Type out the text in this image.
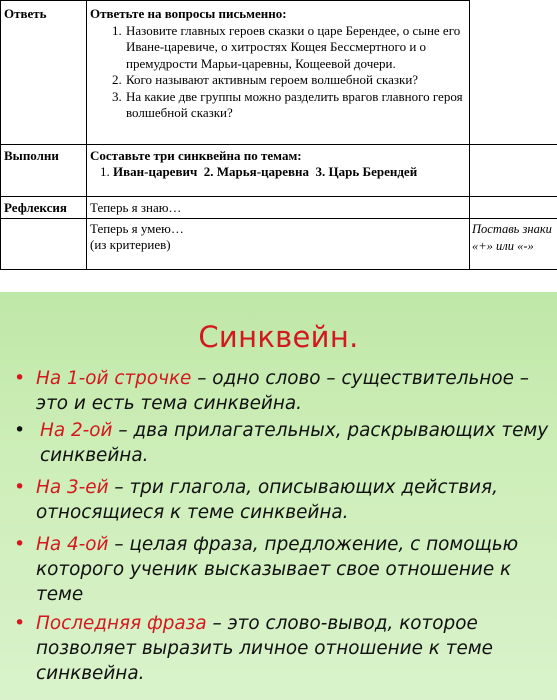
Ответь	Ответьте на вопросы письменно:
1. Назовите главных героев сказки о царе Берендее, о сыне его Иване-царевиче, о хитростях Кощея Бессмертного и о премудрости Марьи-царевны, Кощеевой дочери.
2. Кого называют активным героем волшебной сказки?
3. На какие две группы можно разделить врагов главного героя волшебной сказки?
Выполни Составьте три синквейна по темам:
1. Иван-царевич  2. Марья-царевна  3. Царь Берендей
Рефлексия Теперь я знаю…
Теперь я умею…
(из критериев)
Поставь знаки «+» или «-»
Синквейн.
• На 1-ой строчке – одно слово – существительное – это и есть тема синквейна.
• На 2-ой – два прилагательных, раскрывающих тему синквейна.
• На 3-ей – три глагола, описывающих действия, относящиеся к теме синквейна.
• На 4-ой – целая фраза, предложение, с помощью которого ученик высказывает свое отношение к теме
• Последняя фраза – это слово-вывод, которое позволяет выразить личное отношение к теме синквейна.
